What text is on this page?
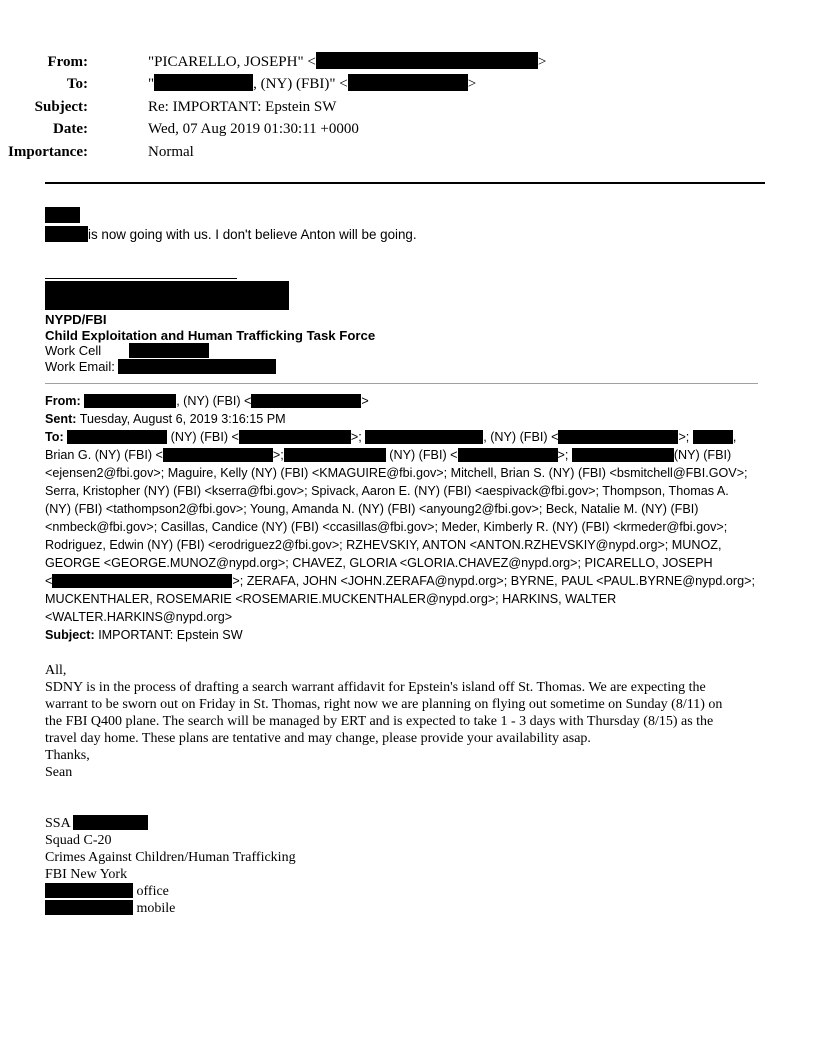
From:	"PICARELLO, JOSEPH" <	>
To:	"	, (NY) (FBI)" <	>
Subject:	Re: IMPORTANT: Epstein SW
Date:	Wed, 07 Aug 2019 01:30:11 +0000
Importance:	Normal
is now going with us. I don't believe Anton will be going.
NYPD/FBI
Child Exploitation and Human Trafficking Task Force
Work Cell
Work Email:
From:	, (NY) (FBI) <	>
Sent: Tuesday, August 6, 2019 3:16:15 PM
To:	(NY) (FBI) <	>;	, (NY) (FBI) <	>;	,
Brian G. (NY) (FBI) <	>;	(NY) (FBI) <	>;	(NY) (FBI)
<ejensen2@fbi.gov>; Maguire, Kelly (NY) (FBI) <KMAGUIRE@fbi.gov>; Mitchell, Brian S. (NY) (FBI) <bsmitchell@FBI.GOV>;
Serra, Kristopher (NY) (FBI) <kserra@fbi.gov>; Spivack, Aaron E. (NY) (FBI) <aespivack@fbi.gov>; Thompson, Thomas A.
(NY) (FBI) <tathompson2@fbi.gov>; Young, Amanda N. (NY) (FBI) <anyoung2@fbi.gov>; Beck, Natalie M. (NY) (FBI)
<nmbeck@fbi.gov>; Casillas, Candice (NY) (FBI) <ccasillas@fbi.gov>; Meder, Kimberly R. (NY) (FBI) <krmeder@fbi.gov>;
Rodriguez, Edwin (NY) (FBI) <erodriguez2@fbi.gov>; RZHEVSKIY, ANTON <ANTON.RZHEVSKIY@nypd.org>; MUNOZ,
GEORGE <GEORGE.MUNOZ@nypd.org>; CHAVEZ, GLORIA <GLORIA.CHAVEZ@nypd.org>; PICARELLO, JOSEPH
<	>; ZERAFA, JOHN <JOHN.ZERAFA@nypd.org>; BYRNE, PAUL <PAUL.BYRNE@nypd.org>;
MUCKENTHALER, ROSEMARIE <ROSEMARIE.MUCKENTHALER@nypd.org>; HARKINS, WALTER
<WALTER.HARKINS@nypd.org>
Subject: IMPORTANT: Epstein SW
All,
SDNY is in the process of drafting a search warrant affidavit for Epstein's island off St. Thomas. We are expecting the
warrant to be sworn out on Friday in St. Thomas, right now we are planning on flying out sometime on Sunday (8/11) on
the FBI Q400 plane. The search will be managed by ERT and is expected to take 1 - 3 days with Thursday (8/15) as the
travel day home. These plans are tentative and may change, please provide your availability asap.
Thanks,
Sean
SSA
Squad C-20
Crimes Against Children/Human Trafficking
FBI New York
office
mobile
